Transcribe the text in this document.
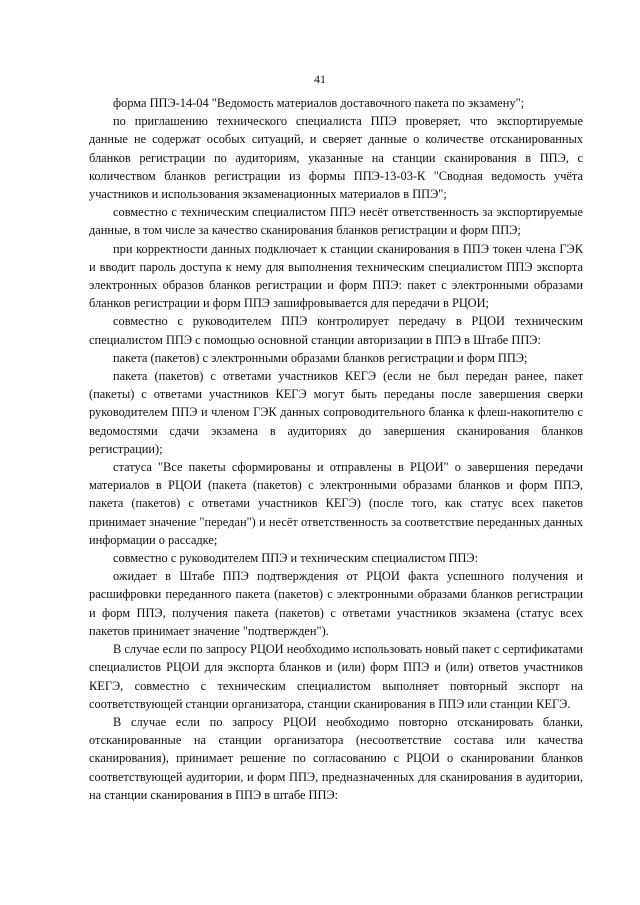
41

форма ППЭ-14-04 "Ведомость материалов доставочного пакета по экзамену";

по приглашению технического специалиста ППЭ проверяет, что экспортируемые данные не содержат особых ситуаций, и сверяет данные о количестве отсканированных бланков регистрации по аудиториям, указанные на станции сканирования в ППЭ, с количеством бланков регистрации из формы ППЭ-13-03-К "Сводная ведомость учёта участников и использования экзаменационных материалов в ППЭ";

совместно с техническим специалистом ППЭ несёт ответственность за экспортируемые данные, в том числе за качество сканирования бланков регистрации и форм ППЭ;

при корректности данных подключает к станции сканирования в ППЭ токен члена ГЭК и вводит пароль доступа к нему для выполнения техническим специалистом ППЭ экспорта электронных образов бланков регистрации и форм ППЭ: пакет с электронными образами бланков регистрации и форм ППЭ зашифровывается для передачи в РЦОИ;

совместно с руководителем ППЭ контролирует передачу в РЦОИ техническим специалистом ППЭ с помощью основной станции авторизации в ППЭ в Штабе ППЭ:

пакета (пакетов) с электронными образами бланков регистрации и форм ППЭ;

пакета (пакетов) с ответами участников КЕГЭ (если не был передан ранее, пакет (пакеты) с ответами участников КЕГЭ могут быть переданы после завершения сверки руководителем ППЭ и членом ГЭК данных сопроводительного бланка к флеш-накопителю с ведомостями сдачи экзамена в аудиториях до завершения сканирования бланков регистрации);

статуса "Все пакеты сформированы и отправлены в РЦОИ" о завершения передачи материалов в РЦОИ (пакета (пакетов) с электронными образами бланков и форм ППЭ, пакета (пакетов) с ответами участников КЕГЭ) (после того, как статус всех пакетов принимает значение "передан") и несёт ответственность за соответствие переданных данных информации о рассадке;

совместно с руководителем ППЭ и техническим специалистом ППЭ:

ожидает в Штабе ППЭ подтверждения от РЦОИ факта успешного получения и расшифровки переданного пакета (пакетов) с электронными образами бланков регистрации и форм ППЭ, получения пакета (пакетов) с ответами участников экзамена (статус всех пакетов принимает значение "подтвержден").

В случае если по запросу РЦОИ необходимо использовать новый пакет с сертификатами специалистов РЦОИ для экспорта бланков и (или) форм ППЭ и (или) ответов участников КЕГЭ, совместно с техническим специалистом выполняет повторный экспорт на соответствующей станции организатора, станции сканирования в ППЭ или станции КЕГЭ.

В случае если по запросу РЦОИ необходимо повторно отсканировать бланки, отсканированные на станции организатора (несоответствие состава или качества сканирования), принимает решение по согласованию с РЦОИ о сканировании бланков соответствующей аудитории, и форм ППЭ, предназначенных для сканирования в аудитории, на станции сканирования в ППЭ в штабе ППЭ:
